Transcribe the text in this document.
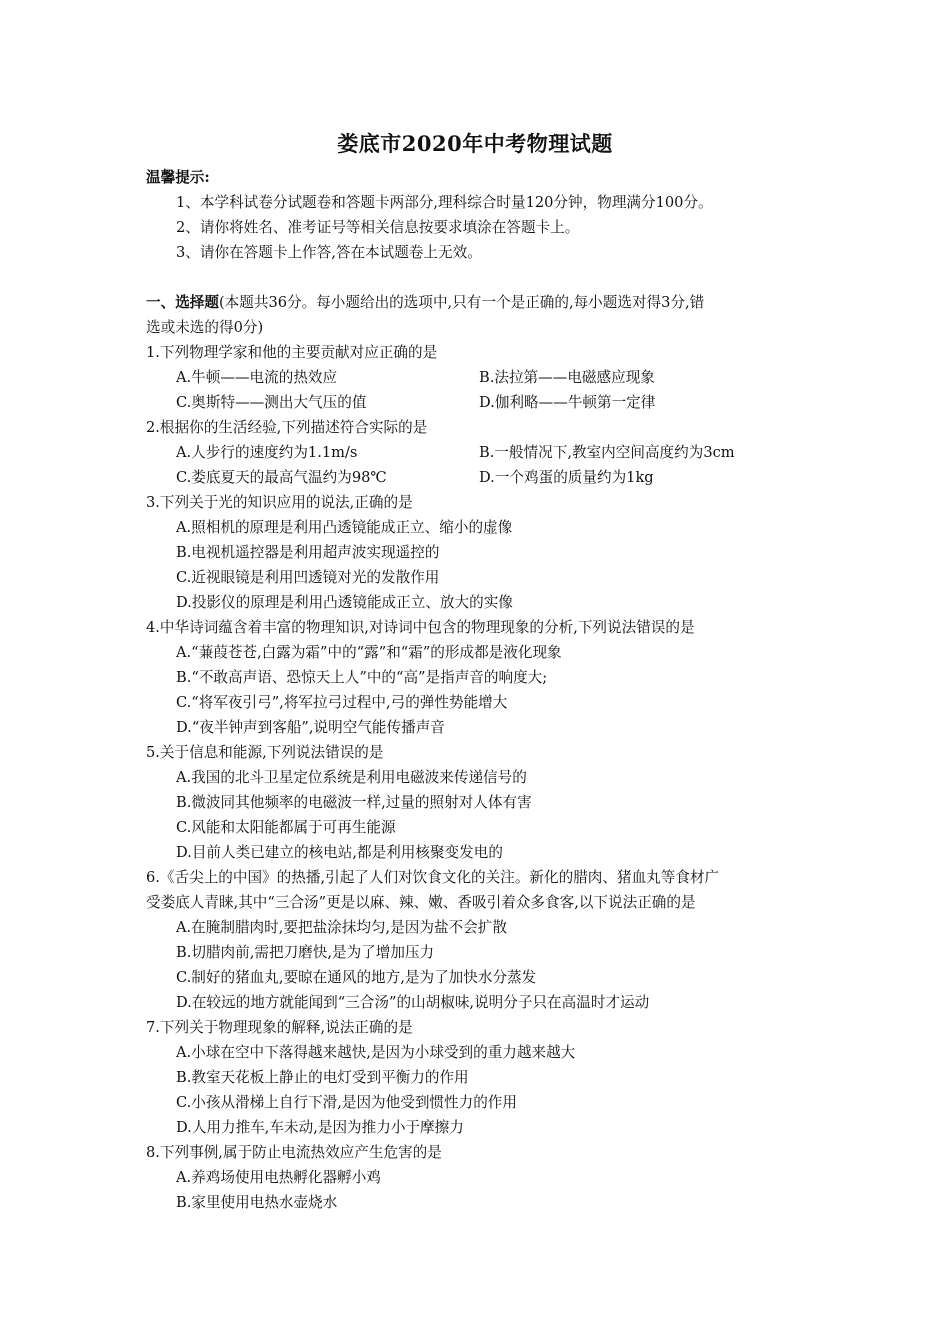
娄底市2020年中考物理试题
温馨提示:
1、本学科试卷分试题卷和答题卡两部分,理科综合时量120分钟，物理满分100分。
2、请你将姓名、准考证号等相关信息按要求填涂在答题卡上。
3、请你在答题卡上作答,答在本试题卷上无效。
一、选择题(本题共36分。每小题给出的选项中,只有一个是正确的,每小题选对得3分,错
选或未选的得0分)
1.下列物理学家和他的主要贡献对应正确的是
A.牛顿——电流的热效应	B.法拉第——电磁感应现象
C.奥斯特——测出大气压的值	D.伽利略——牛顿第一定律
2.根据你的生活经验,下列描述符合实际的是
A.人步行的速度约为1.1m/s	B.一般情况下,教室内空间高度约为3cm
C.娄底夏天的最高气温约为98℃	D.一个鸡蛋的质量约为1kg
3.下列关于光的知识应用的说法,正确的是
A.照相机的原理是利用凸透镜能成正立、缩小的虚像
B.电视机遥控器是利用超声波实现遥控的
C.近视眼镜是利用凹透镜对光的发散作用
D.投影仪的原理是利用凸透镜能成正立、放大的实像
4.中华诗词蕴含着丰富的物理知识,对诗词中包含的物理现象的分析,下列说法错误的是
A.“蒹葭苍苍,白露为霜”中的“露”和“霜”的形成都是液化现象
B.“不敢高声语、恐惊天上人”中的“高”是指声音的响度大;
C.“将军夜引弓”,将军拉弓过程中,弓的弹性势能增大
D.“夜半钟声到客船”,说明空气能传播声音
5.关于信息和能源,下列说法错误的是
A.我国的北斗卫星定位系统是利用电磁波来传递信号的
B.微波同其他频率的电磁波一样,过量的照射对人体有害
C.风能和太阳能都属于可再生能源
D.目前人类已建立的核电站,都是利用核聚变发电的
6.《舌尖上的中国》的热播,引起了人们对饮食文化的关注。新化的腊肉、猪血丸等食材广
受娄底人青睐,其中“三合汤”更是以麻、辣、嫩、香吸引着众多食客,以下说法正确的是
A.在腌制腊肉时,要把盐涂抹均匀,是因为盐不会扩散
B.切腊肉前,需把刀磨快,是为了增加压力
C.制好的猪血丸,要晾在通风的地方,是为了加快水分蒸发
D.在较远的地方就能闻到“三合汤”的山胡椒味,说明分子只在高温时才运动
7.下列关于物理现象的解释,说法正确的是
A.小球在空中下落得越来越快,是因为小球受到的重力越来越大
B.教室天花板上静止的电灯受到平衡力的作用
C.小孩从滑梯上自行下滑,是因为他受到惯性力的作用
D.人用力推车,车未动,是因为推力小于摩擦力
8.下列事例,属于防止电流热效应产生危害的是
A.养鸡场使用电热孵化器孵小鸡
B.家里使用电热水壶烧水
